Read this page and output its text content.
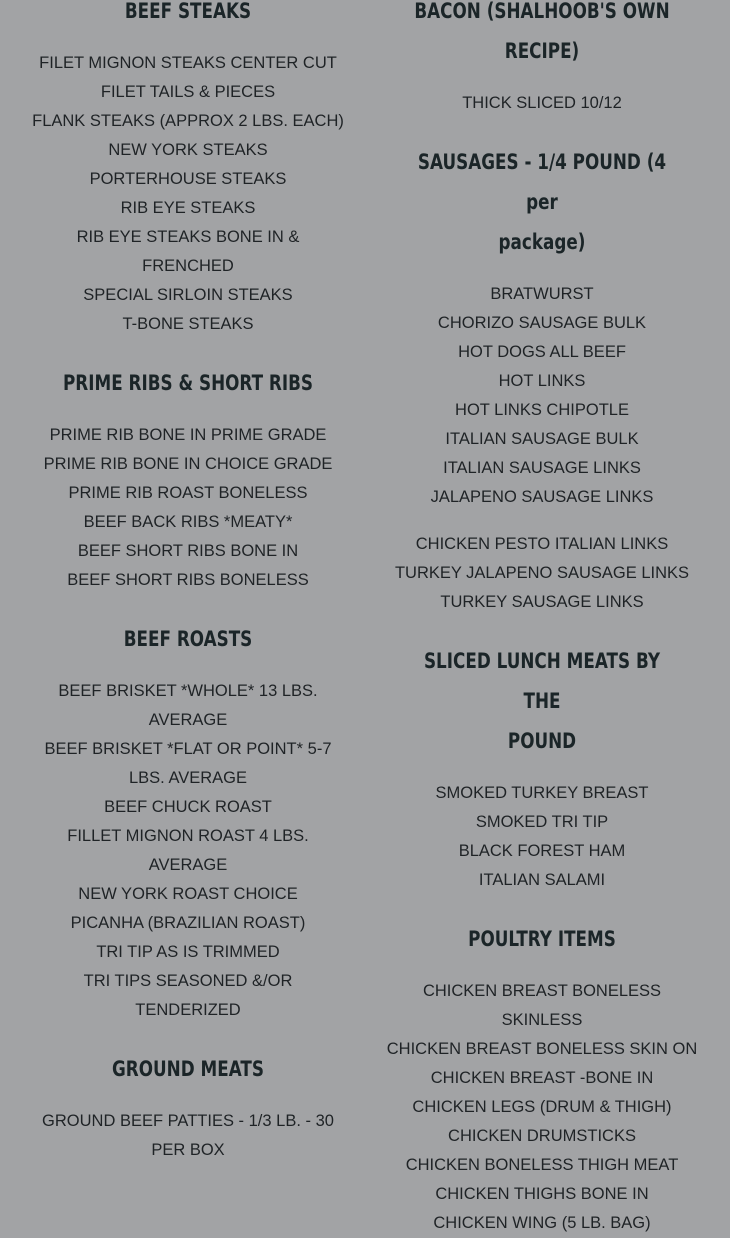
BEEF STEAKS

FILET MIGNON STEAKS CENTER CUT

FILET TAILS & PIECES

FLANK STEAKS (APPROX 2 LBS. EACH)

NEW YORK STEAKS

PORTERHOUSE STEAKS

RIB EYE STEAKS

RIB EYE STEAKS BONE IN &

FRENCHED

SPECIAL SIRLOIN STEAKS

T-BONE STEAKS

PRIME RIBS & SHORT RIBS

PRIME RIB BONE IN PRIME GRADE

PRIME RIB BONE IN CHOICE GRADE

PRIME RIB ROAST BONELESS

BEEF BACK RIBS *MEATY*

BEEF SHORT RIBS BONE IN

BEEF SHORT RIBS BONELESS

BEEF ROASTS

BEEF BRISKET *WHOLE* 13 LBS.

AVERAGE

BEEF BRISKET *FLAT OR POINT* 5-7

LBS. AVERAGE

BEEF CHUCK ROAST

FILLET MIGNON ROAST 4 LBS.

AVERAGE

NEW YORK ROAST CHOICE

PICANHA (BRAZILIAN ROAST)

TRI TIP AS IS TRIMMED

TRI TIPS SEASONED &/OR

TENDERIZED

GROUND MEATS

GROUND BEEF PATTIES - 1/3 LB. - 30

PER BOX

BACON (SHALHOOB'S OWN
RECIPE)

THICK SLICED 10/12

SAUSAGES - 1/4 POUND (4 per
package)

BRATWURST

CHORIZO SAUSAGE BULK

HOT DOGS ALL BEEF

HOT LINKS

HOT LINKS CHIPOTLE

ITALIAN SAUSAGE BULK

ITALIAN SAUSAGE LINKS

JALAPENO SAUSAGE LINKS

CHICKEN PESTO ITALIAN LINKS

TURKEY JALAPENO SAUSAGE LINKS

TURKEY SAUSAGE LINKS

SLICED LUNCH MEATS BY THE
POUND

SMOKED TURKEY BREAST

SMOKED TRI TIP

BLACK FOREST HAM

ITALIAN SALAMI

POULTRY ITEMS

CHICKEN BREAST BONELESS

SKINLESS

CHICKEN BREAST BONELESS SKIN ON

CHICKEN BREAST -BONE IN

CHICKEN LEGS (DRUM & THIGH)

CHICKEN DRUMSTICKS

CHICKEN BONELESS THIGH MEAT

CHICKEN THIGHS BONE IN

CHICKEN WING (5 LB. BAG)
